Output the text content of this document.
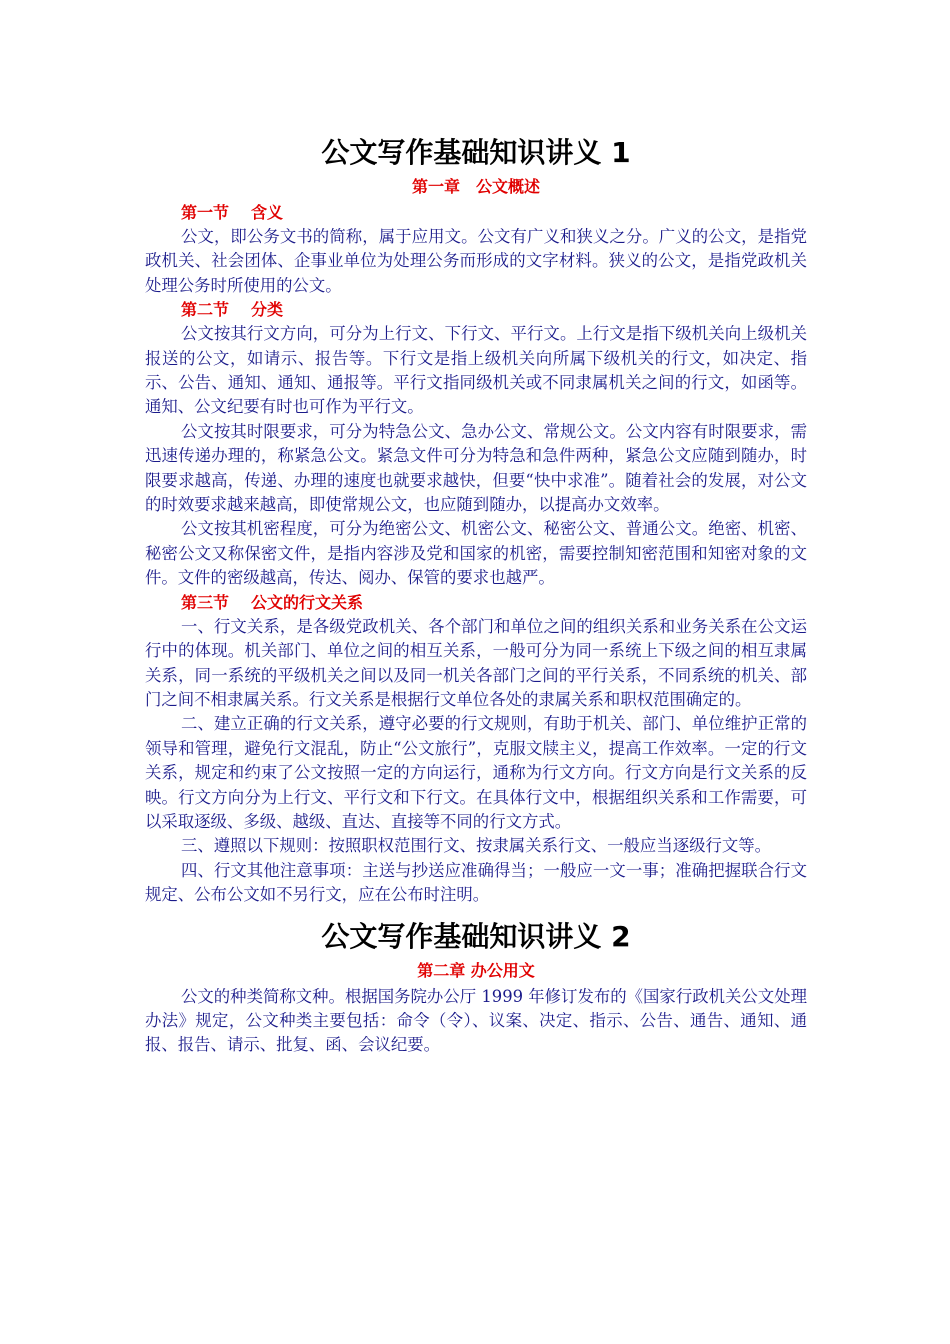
公文写作基础知识讲义 1
第一章　公文概述
第一节 含义

公文，即公务文书的简称，属于应用文。公文有广义和狭义之分。广义的公文，是指党政机关、社会团体、企事业单位为处理公务而形成的文字材料。狭义的公文，是指党政机关处理公务时所使用的公文。

第二节 分类

公文按其行文方向，可分为上行文、下行文、平行文。上行文是指下级机关向上级机关报送的公文，如请示、报告等。下行文是指上级机关向所属下级机关的行文，如决定、指示、公告、通知、通知、通报等。平行文指同级机关或不同隶属机关之间的行文，如函等。通知、公文纪要有时也可作为平行文。

公文按其时限要求，可分为特急公文、急办公文、常规公文。公文内容有时限要求，需迅速传递办理的，称紧急公文。紧急文件可分为特急和急件两种，紧急公文应随到随办，时限要求越高，传递、办理的速度也就要求越快，但要“快中求准”。随着社会的发展，对公文的时效要求越来越高，即使常规公文，也应随到随办，以提高办文效率。

公文按其机密程度，可分为绝密公文、机密公文、秘密公文、普通公文。绝密、机密、秘密公文又称保密文件，是指内容涉及党和国家的机密，需要控制知密范围和知密对象的文件。文件的密级越高，传达、阅办、保管的要求也越严。

第三节 公文的行文关系

一、行文关系，是各级党政机关、各个部门和单位之间的组织关系和业务关系在公文运行中的体现。机关部门、单位之间的相互关系，一般可分为同一系统上下级之间的相互隶属关系，同一系统的平级机关之间以及同一机关各部门之间的平行关系，不同系统的机关、部门之间不相隶属关系。行文关系是根据行文单位各处的隶属关系和职权范围确定的。

二、建立正确的行文关系，遵守必要的行文规则，有助于机关、部门、单位维护正常的领导和管理，避免行文混乱，防止“公文旅行”，克服文牍主义，提高工作效率。一定的行文关系，规定和约束了公文按照一定的方向运行，通称为行文方向。行文方向是行文关系的反映。行文方向分为上行文、平行文和下行文。在具体行文中，根据组织关系和工作需要，可以采取逐级、多级、越级、直达、直接等不同的行文方式。

三、遵照以下规则：按照职权范围行文、按隶属关系行文、一般应当逐级行文等。

四、行文其他注意事项：主送与抄送应准确得当；一般应一文一事；准确把握联合行文规定、公布公文如不另行文，应在公布时注明。

公文写作基础知识讲义 2
第二章 办公用文

公文的种类简称文种。根据国务院办公厅 1999 年修订发布的《国家行政机关公文处理办法》规定，公文种类主要包括：命令（令）、议案、决定、指示、公告、通告、通知、通报、报告、请示、批复、函、会议纪要。
